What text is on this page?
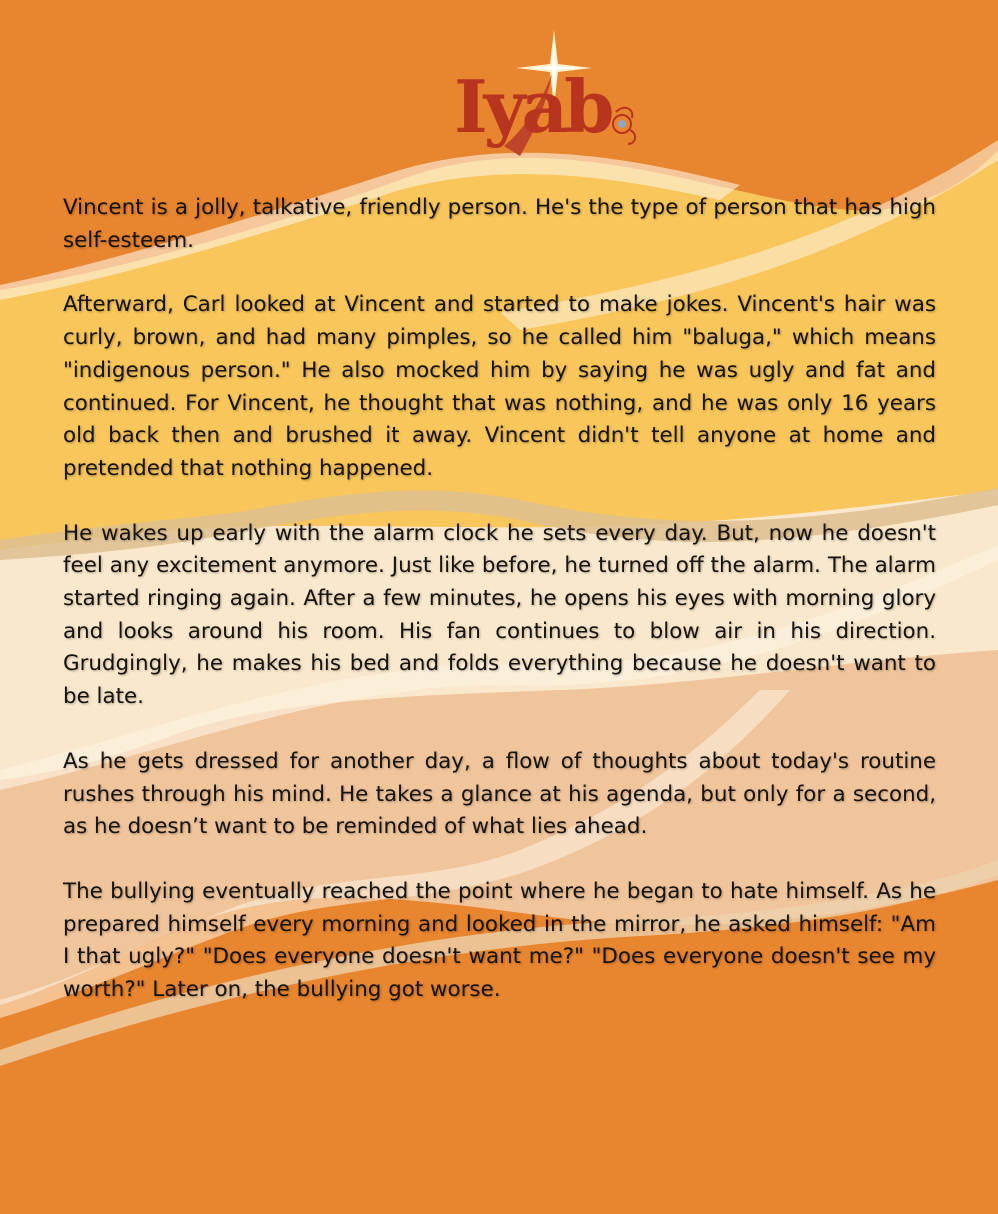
Iyab

Vincent is a jolly, talkative, friendly person. He's the type of person that has high self-esteem.

Afterward, Carl looked at Vincent and started to make jokes. Vincent's hair was curly, brown, and had many pimples, so he called him "baluga," which means "indigenous person." He also mocked him by saying he was ugly and fat and continued. For Vincent, he thought that was nothing, and he was only 16 years old back then and brushed it away. Vincent didn't tell anyone at home and pretended that nothing happened.

He wakes up early with the alarm clock he sets every day. But, now he doesn't feel any excitement anymore. Just like before, he turned off the alarm. The alarm started ringing again. After a few minutes, he opens his eyes with morning glory and looks around his room. His fan continues to blow air in his direction. Grudgingly, he makes his bed and folds everything because he doesn't want to be late.

As he gets dressed for another day, a flow of thoughts about today's routine rushes through his mind. He takes a glance at his agenda, but only for a second, as he doesn’t want to be reminded of what lies ahead.

The bullying eventually reached the point where he began to hate himself. As he prepared himself every morning and looked in the mirror, he asked himself: "Am I that ugly?" "Does everyone doesn't want me?" "Does everyone doesn't see my worth?" Later on, the bullying got worse.
